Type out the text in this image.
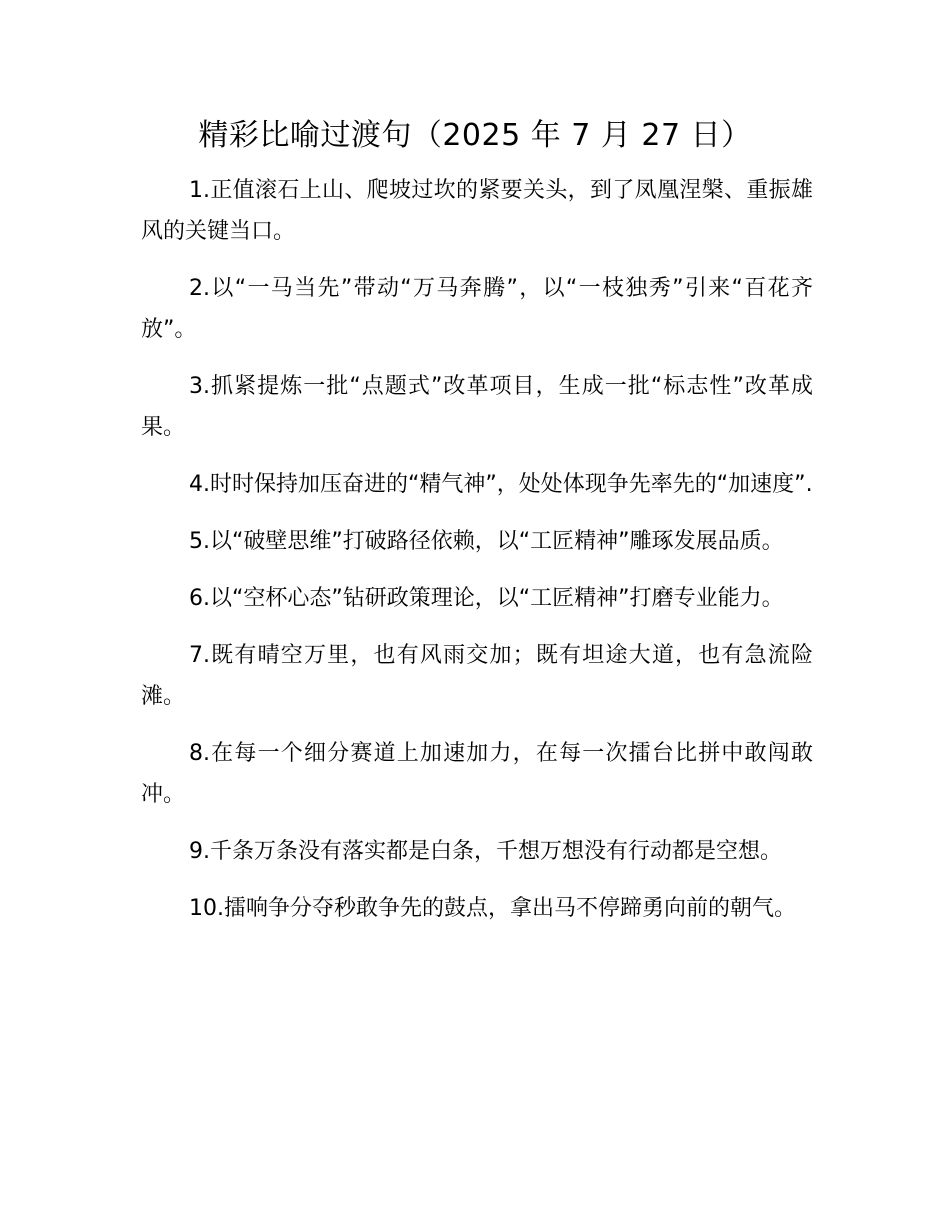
精彩比喻过渡句（2025 年 7 月 27 日）

1.正值滚石上山、爬坡过坎的紧要关头，到了凤凰涅槃、重振雄风的关键当口。

2.以“一马当先”带动“万马奔腾”，以“一枝独秀”引来“百花齐放”。

3.抓紧提炼一批“点题式”改革项目，生成一批“标志性”改革成果。

4.时时保持加压奋进的“精气神”，处处体现争先率先的“加速度”.

5.以“破壁思维”打破路径依赖，以“工匠精神”雕琢发展品质。

6.以“空杯心态”钻研政策理论，以“工匠精神”打磨专业能力。

7.既有晴空万里，也有风雨交加；既有坦途大道，也有急流险滩。

8.在每一个细分赛道上加速加力，在每一次擂台比拼中敢闯敢冲。

9.千条万条没有落实都是白条，千想万想没有行动都是空想。

10.擂响争分夺秒敢争先的鼓点，拿出马不停蹄勇向前的朝气。
